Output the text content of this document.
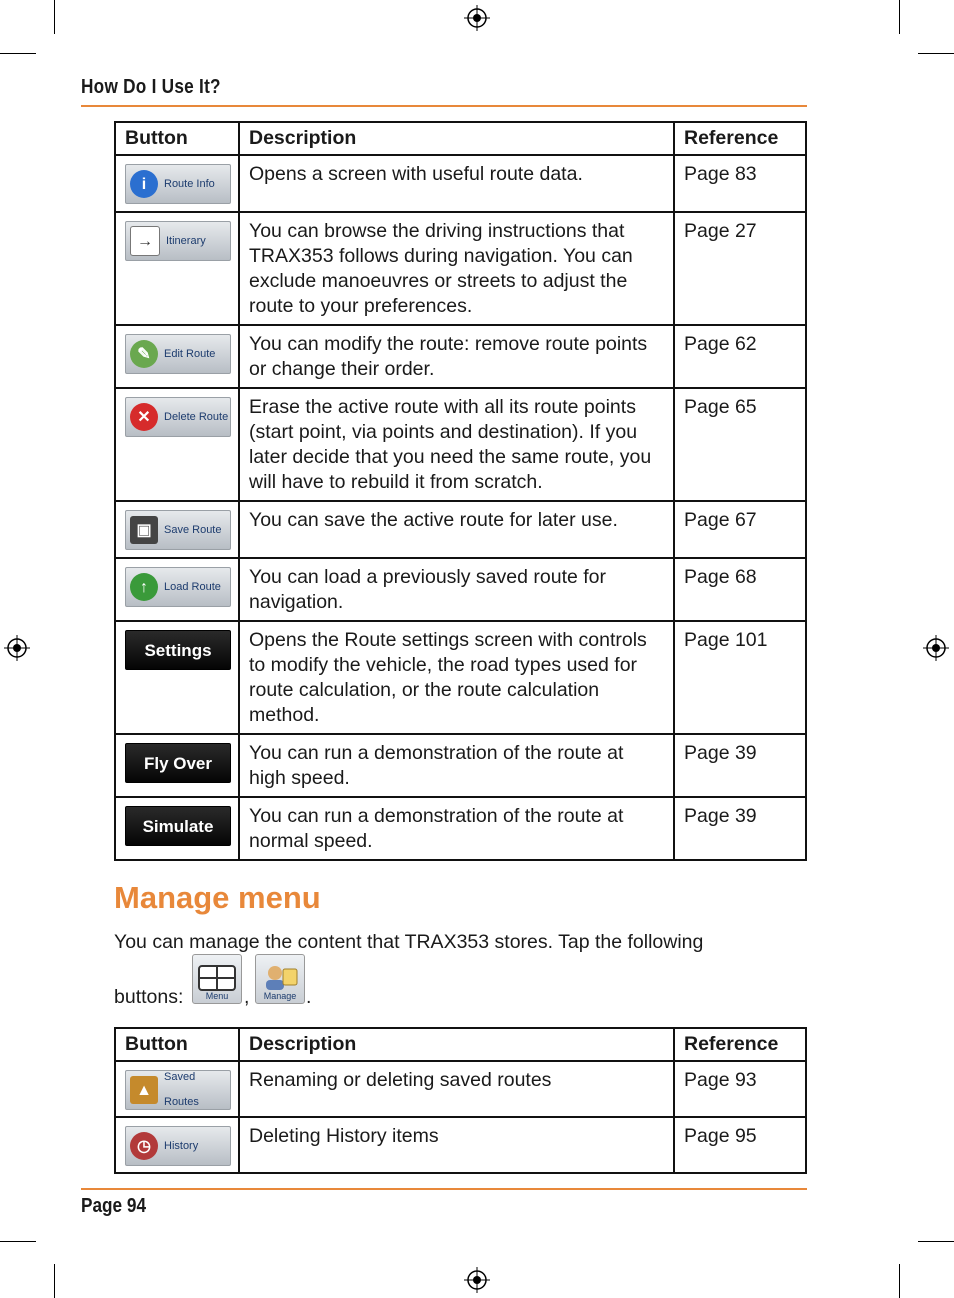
How Do I Use It?
Button	Description	Reference

i Route Info	Opens a screen with useful route data.	Page 83

→ Itinerary	You can browse the driving instructions that TRAX353 follows during navigation. You can exclude manoeuvres or streets to adjust the route to your preferences.	Page 27

✎ Edit Route	You can modify the route: remove route points or change their order.	Page 62

✕ Delete Route	Erase the active route with all its route points (start point, via points and destination). If you later decide that you need the same route, you will have to rebuild it from scratch.	Page 65

▣ Save Route	You can save the active route for later use.	Page 67

↑ Load Route	You can load a previously saved route for navigation.	Page 68

Settings	Opens the Route settings screen with controls to modify the vehicle, the road types used for route calculation, or the route calculation method.	Page 101

Fly Over	You can run a demonstration of the route at high speed.	Page 39

Simulate	You can run a demonstration of the route at normal speed.	Page 39
Manage menu
You can manage the content that TRAX353 stores. Tap the following
buttons: Menu , Manage .
Button	Description	Reference

▲
Saved Routes	Renaming or deleting saved routes	Page 93

◷ History	Deleting History items	Page 95
Page 94
